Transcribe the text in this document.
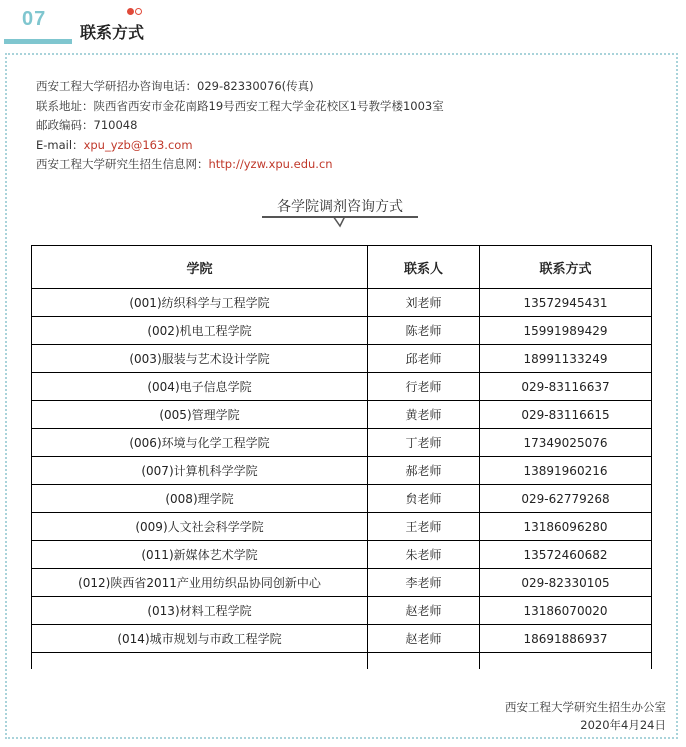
07
联系方式
西安工程大学研招办咨询电话：029-82330076(传真)
联系地址：陕西省西安市金花南路19号西安工程大学金花校区1号教学楼1003室
邮政编码：710048
E-mail：xpu_yzb@163.com
西安工程大学研究生招生信息网：http://yzw.xpu.edu.cn
各学院调剂咨询方式
学院	联系人	联系方式
(001)纺织科学与工程学院	刘老师	13572945431
(002)机电工程学院	陈老师	15991989429
(003)服装与艺术设计学院	邱老师	18991133249
(004)电子信息学院	行老师	029-83116637
(005)管理学院	黄老师	029-83116615
(006)环境与化学工程学院	丁老师	17349025076
(007)计算机科学学院	郝老师	13891960216
(008)理学院	贠老师	029-62779268
(009)人文社会科学学院	王老师	13186096280
(011)新媒体艺术学院	朱老师	13572460682
(012)陕西省2011产业用纺织品协同创新中心	李老师	029-82330105
(013)材料工程学院	赵老师	13186070020
(014)城市规划与市政工程学院	赵老师	18691886937

西安工程大学研究生招生办公室
2020年4月24日
